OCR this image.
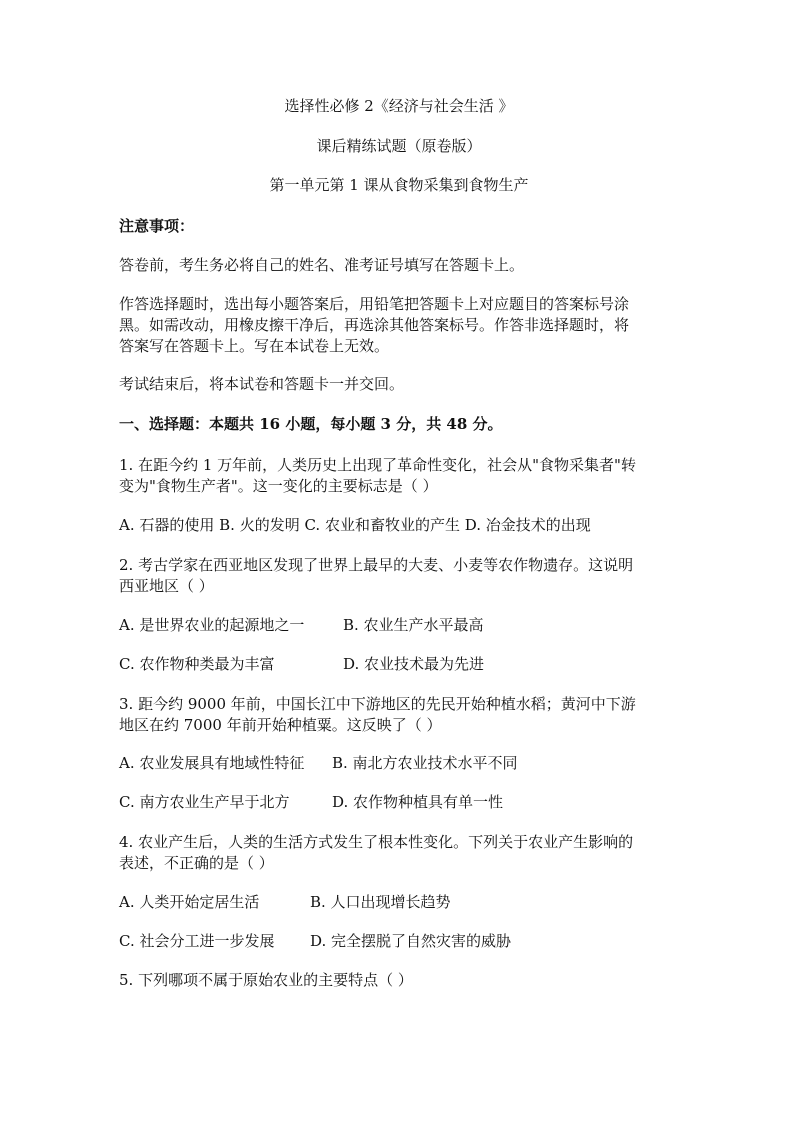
选择性必修 2《经济与社会生活 》
课后精练试题（原卷版）
第一单元第 1 课从食物采集到食物生产
注意事项：
答卷前，考生务必将自己的姓名、准考证号填写在答题卡上。
作答选择题时，选出每小题答案后，用铅笔把答题卡上对应题目的答案标号涂
黑。如需改动，用橡皮擦干净后，再选涂其他答案标号。作答非选择题时，将
答案写在答题卡上。写在本试卷上无效。
考试结束后，将本试卷和答题卡一并交回。
一、选择题：本题共 16 小题，每小题 3 分，共 48 分。
1. 在距今约 1 万年前，人类历史上出现了革命性变化，社会从"食物采集者"转
变为"食物生产者"。这一变化的主要标志是（ ）
A. 石器的使用 B. 火的发明 C. 农业和畜牧业的产生 D. 冶金技术的出现
2. 考古学家在西亚地区发现了世界上最早的大麦、小麦等农作物遗存。这说明
西亚地区（ ）
A. 是世界农业的起源地之一	B. 农业生产水平最高
C. 农作物种类最为丰富	D. 农业技术最为先进
3. 距今约 9000 年前，中国长江中下游地区的先民开始种植水稻；黄河中下游
地区在约 7000 年前开始种植粟。这反映了（ ）
A. 农业发展具有地域性特征 B. 南北方农业技术水平不同
C. 南方农业生产早于北方	D. 农作物种植具有单一性
4. 农业产生后，人类的生活方式发生了根本性变化。下列关于农业产生影响的
表述，不正确的是（ ）
A. 人类开始定居生活	B. 人口出现增长趋势
C. 社会分工进一步发展 D. 完全摆脱了自然灾害的威胁
5. 下列哪项不属于原始农业的主要特点（ ）
